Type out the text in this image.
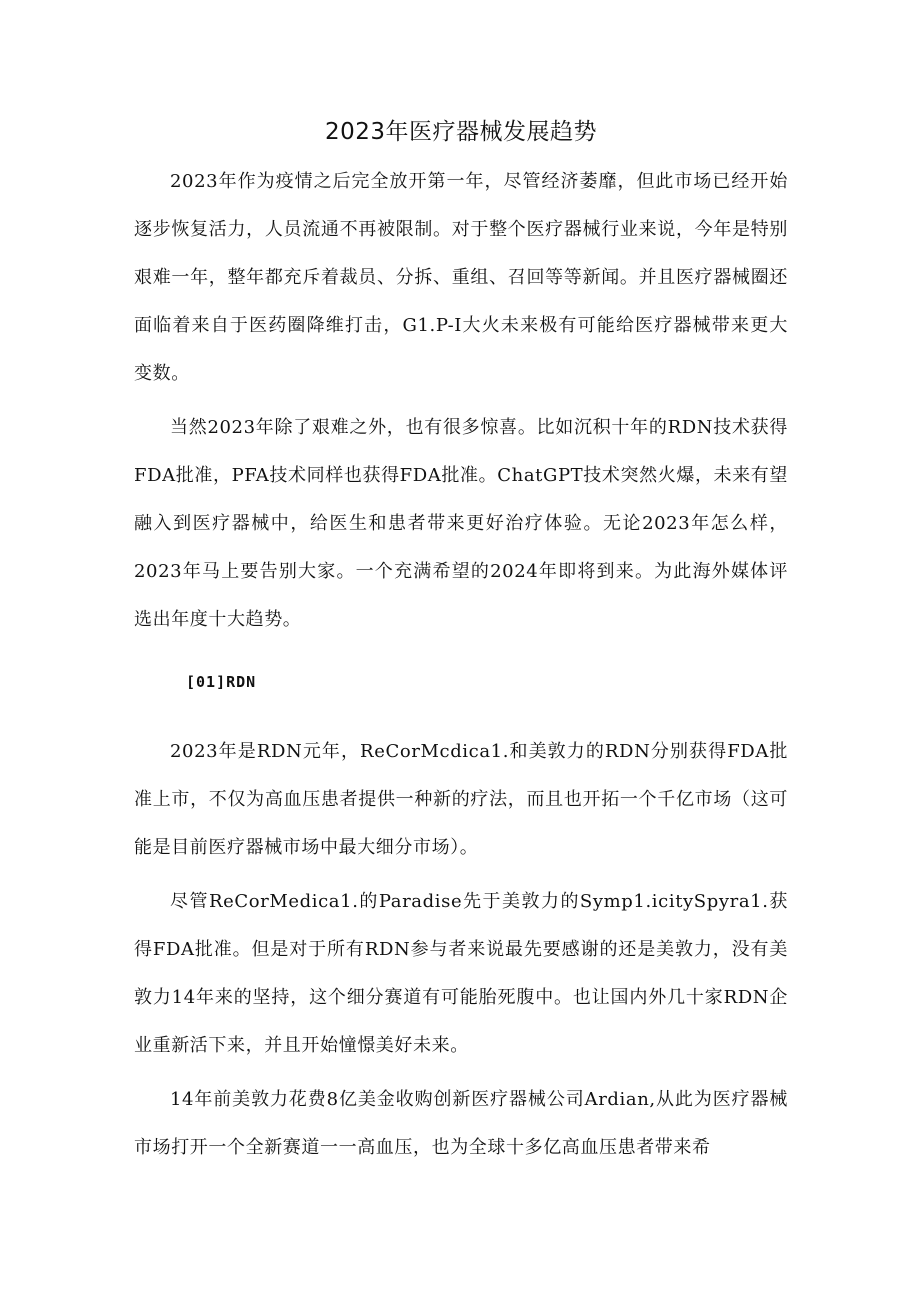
2023年医疗器械发展趋势

2023年作为疫情之后完全放开第一年，尽管经济萎靡，但此市场已经开始逐步恢复活力，人员流通不再被限制。对于整个医疗器械行业来说，今年是特别艰难一年，整年都充斥着裁员、分拆、重组、召回等等新闻。并且医疗器械圈还面临着来自于医药圈降维打击，G1.P-I大火未来极有可能给医疗器械带来更大变数。

当然2023年除了艰难之外，也有很多惊喜。比如沉积十年的RDN技术获得FDA批准，PFA技术同样也获得FDA批准。ChatGPT技术突然火爆，未来有望融入到医疗器械中，给医生和患者带来更好治疗体验。无论2023年怎么样，2023年马上要告别大家。一个充满希望的2024年即将到来。为此海外媒体评选出年度十大趋势。

[01]RDN

2023年是RDN元年，ReCorMcdica1.和美敦力的RDN分别获得FDA批准上市，不仅为高血压患者提供一种新的疗法，而且也开拓一个千亿市场（这可能是目前医疗器械市场中最大细分市场）。

尽管ReCorMedica1.的Paradise先于美敦力的Symp1.icitySpyra1.获得FDA批准。但是对于所有RDN参与者来说最先要感谢的还是美敦力，没有美敦力14年来的坚持，这个细分赛道有可能胎死腹中。也让国内外几十家RDN企业重新活下来，并且开始憧憬美好未来。

14年前美敦力花费8亿美金收购创新医疗器械公司Ardian,从此为医疗器械市场打开一个全新赛道一一高血压，也为全球十多亿高血压患者带来希
